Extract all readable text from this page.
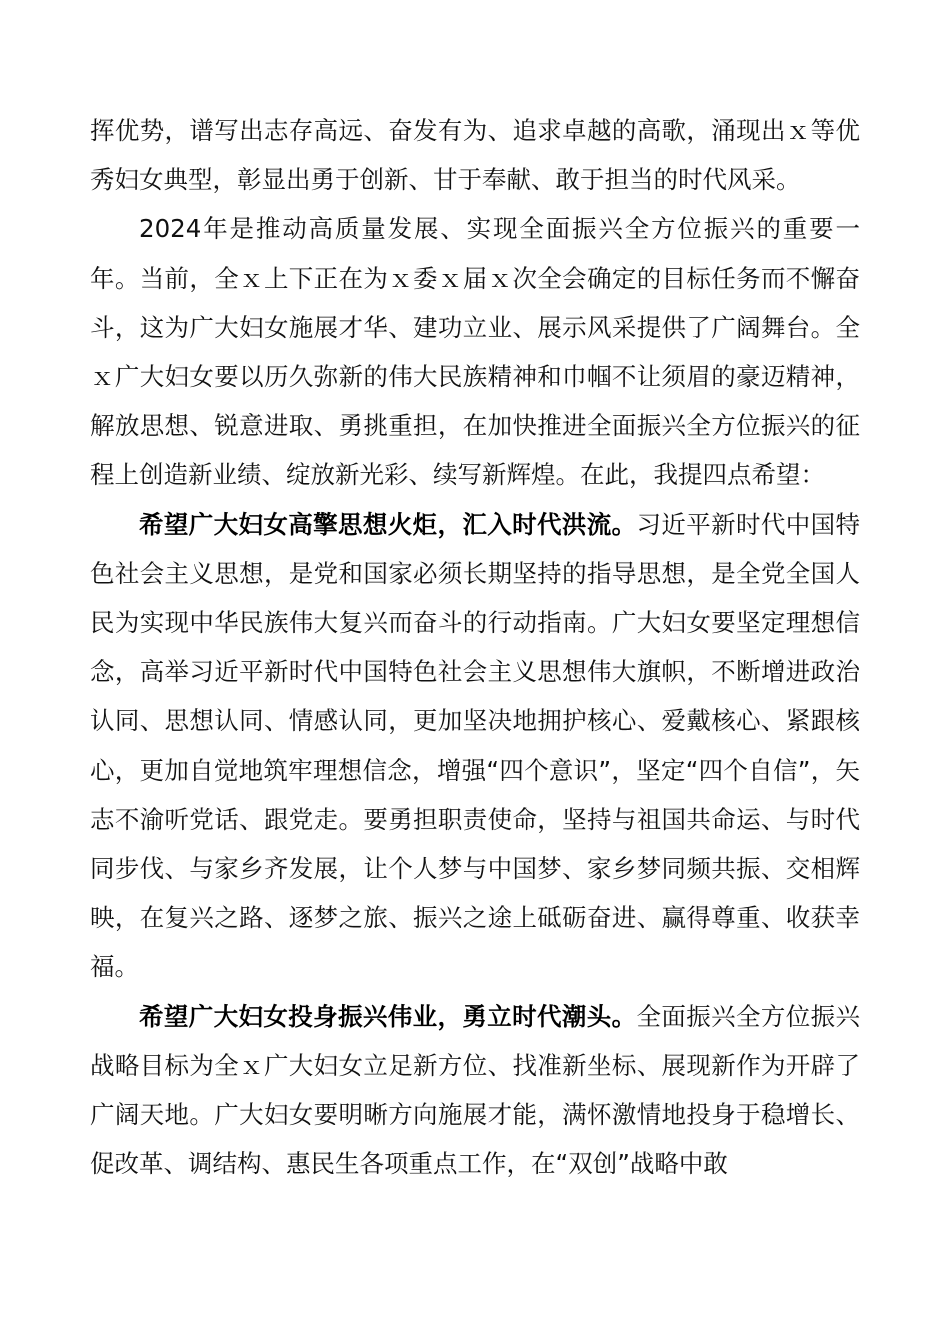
挥优势，谱写出志存高远、奋发有为、追求卓越的高歌，涌现出ｘ等优秀妇女典型，彰显出勇于创新、甘于奉献、敢于担当的时代风采。

2024年是推动高质量发展、实现全面振兴全方位振兴的重要一年。当前，全ｘ上下正在为ｘ委ｘ届ｘ次全会确定的目标任务而不懈奋斗，这为广大妇女施展才华、建功立业、展示风采提供了广阔舞台。全ｘ广大妇女要以历久弥新的伟大民族精神和巾帼不让须眉的豪迈精神，解放思想、锐意进取、勇挑重担，在加快推进全面振兴全方位振兴的征程上创造新业绩、绽放新光彩、续写新辉煌。在此，我提四点希望：

希望广大妇女高擎思想火炬，汇入时代洪流。习近平新时代中国特色社会主义思想，是党和国家必须长期坚持的指导思想，是全党全国人民为实现中华民族伟大复兴而奋斗的行动指南。广大妇女要坚定理想信念，高举习近平新时代中国特色社会主义思想伟大旗帜，不断增进政治认同、思想认同、情感认同，更加坚决地拥护核心、爱戴核心、紧跟核心，更加自觉地筑牢理想信念，增强“四个意识”，坚定“四个自信”，矢志不渝听党话、跟党走。要勇担职责使命，坚持与祖国共命运、与时代同步伐、与家乡齐发展，让个人梦与中国梦、家乡梦同频共振、交相辉映，在复兴之路、逐梦之旅、振兴之途上砥砺奋进、赢得尊重、收获幸福。

希望广大妇女投身振兴伟业，勇立时代潮头。全面振兴全方位振兴战略目标为全ｘ广大妇女立足新方位、找准新坐标、展现新作为开辟了广阔天地。广大妇女要明晰方向施展才能，满怀激情地投身于稳增长、促改革、调结构、惠民生各项重点工作，在“双创”战略中敢
